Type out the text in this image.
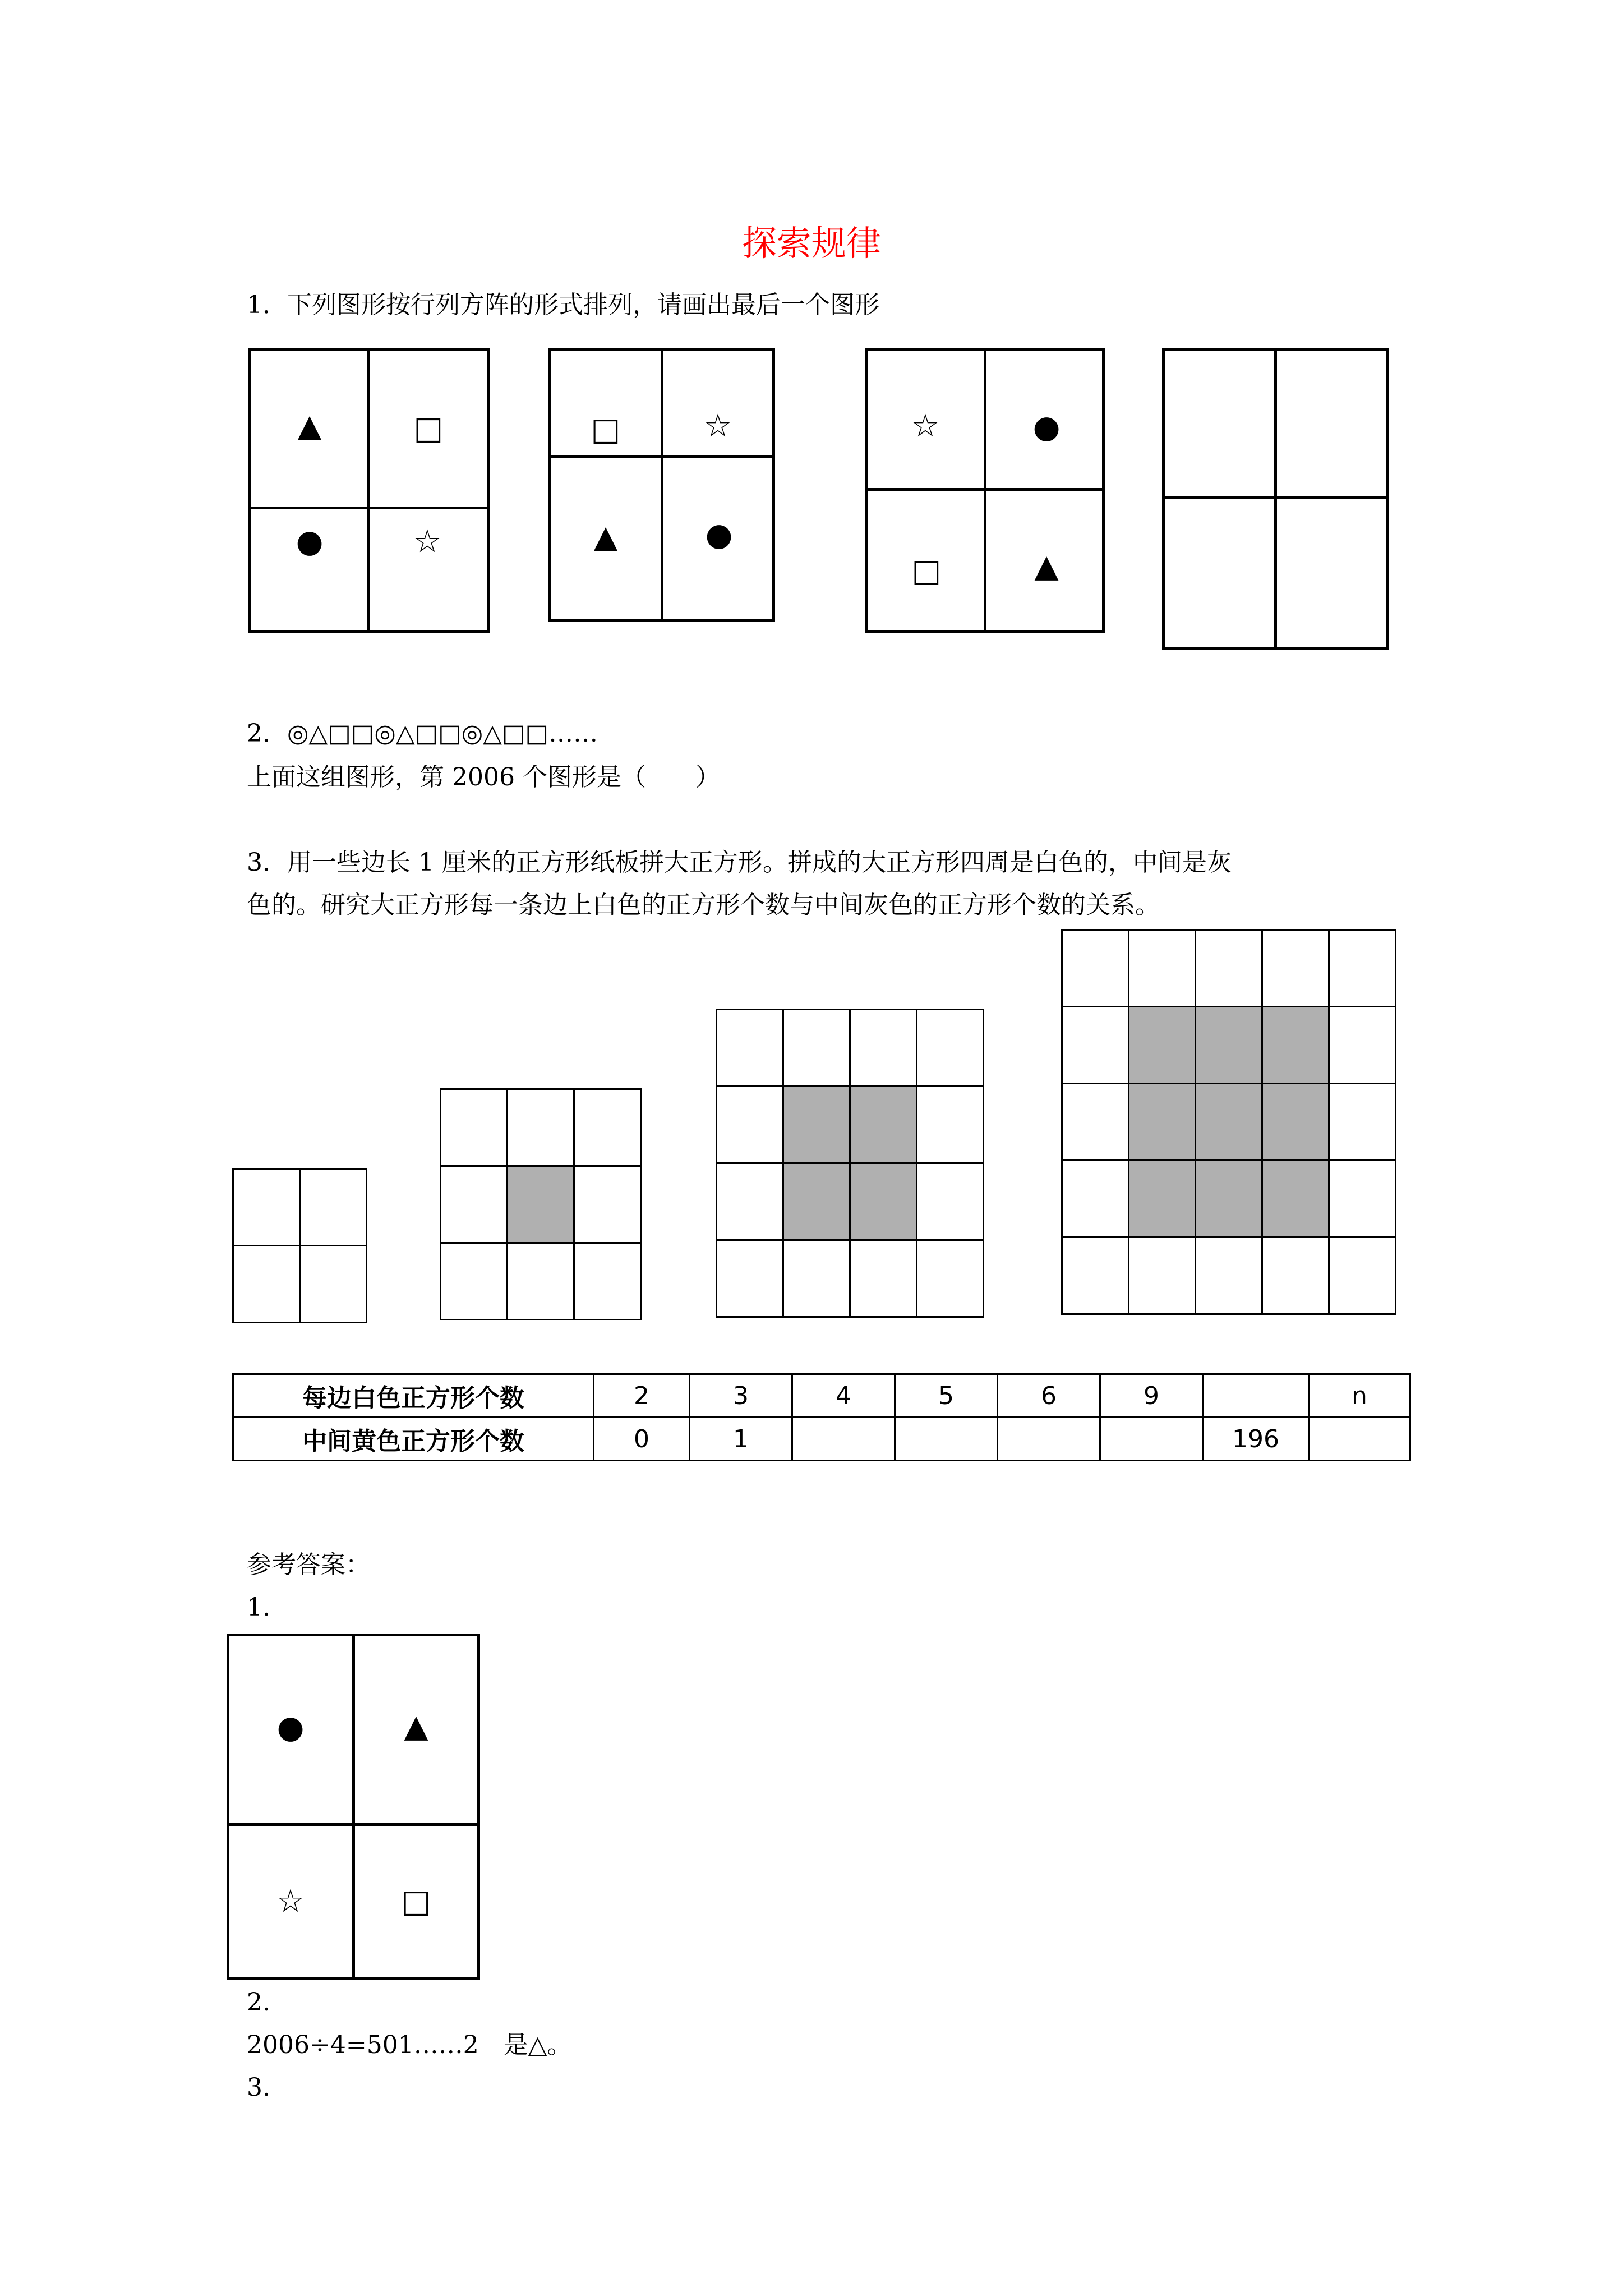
探索规律
1．下列图形按行列方阵的形式排列，请画出最后一个图形
▲	□
●	☆
□	☆
▲	●
☆	●
□	▲
2．◎△□□◎△□□◎△□□……
上面这组图形，第 2006 个图形是（　　）
3．用一些边长 1 厘米的正方形纸板拼大正方形。拼成的大正方形四周是白色的，中间是灰
色的。研究大正方形每一条边上白色的正方形个数与中间灰色的正方形个数的关系。

每边白色正方形个数	2	3	4	5	6	9		n
中间黄色正方形个数	0	1					196	
参考答案：
1.
●	▲
☆	□
2.
2006÷4=501……2　是△。
3.
